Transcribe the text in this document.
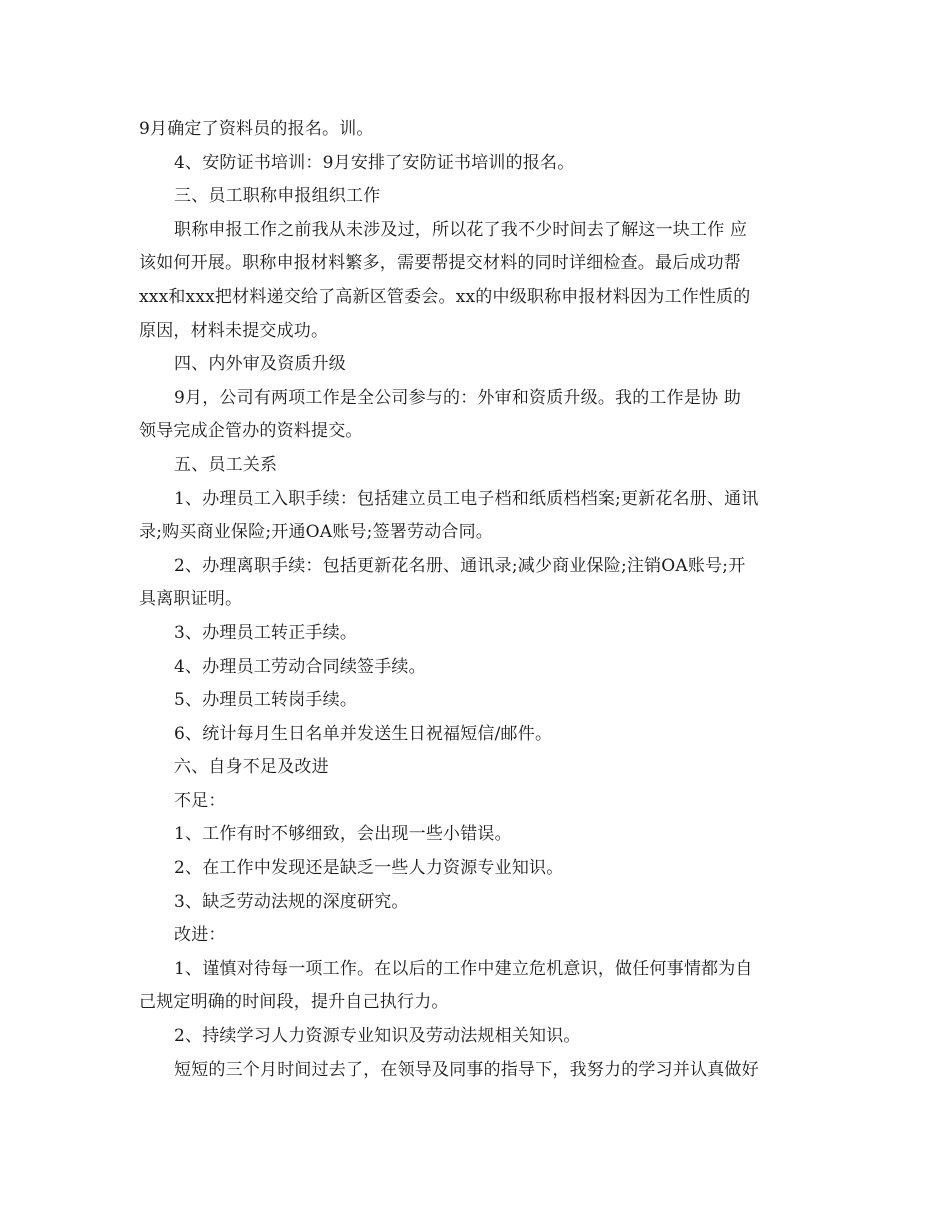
9月确定了资料员的报名。训。

4、安防证书培训：9月安排了安防证书培训的报名。

三、员工职称申报组织工作

职称申报工作之前我从未涉及过，所以花了我不少时间去了解这一块工作 应

该如何开展。职称申报材料繁多，需要帮提交材料的同时详细检查。最后成功帮

xxx和xxx把材料递交给了高新区管委会。xx的中级职称申报材料因为工作性质的

原因，材料未提交成功。

四、内外审及资质升级

9月，公司有两项工作是全公司参与的：外审和资质升级。我的工作是协 助

领导完成企管办的资料提交。

五、员工关系

1、办理员工入职手续：包括建立员工电子档和纸质档档案;更新花名册、通讯

录;购买商业保险;开通OA账号;签署劳动合同。

2、办理离职手续：包括更新花名册、通讯录;减少商业保险;注销OA账号;开

具离职证明。

3、办理员工转正手续。

4、办理员工劳动合同续签手续。

5、办理员工转岗手续。

6、统计每月生日名单并发送生日祝福短信/邮件。

六、自身不足及改进

不足：

1、工作有时不够细致，会出现一些小错误。

2、在工作中发现还是缺乏一些人力资源专业知识。

3、缺乏劳动法规的深度研究。

改进：

1、谨慎对待每一项工作。在以后的工作中建立危机意识，做任何事情都为自

己规定明确的时间段，提升自己执行力。

2、持续学习人力资源专业知识及劳动法规相关知识。

短短的三个月时间过去了，在领导及同事的指导下，我努力的学习并认真做好
